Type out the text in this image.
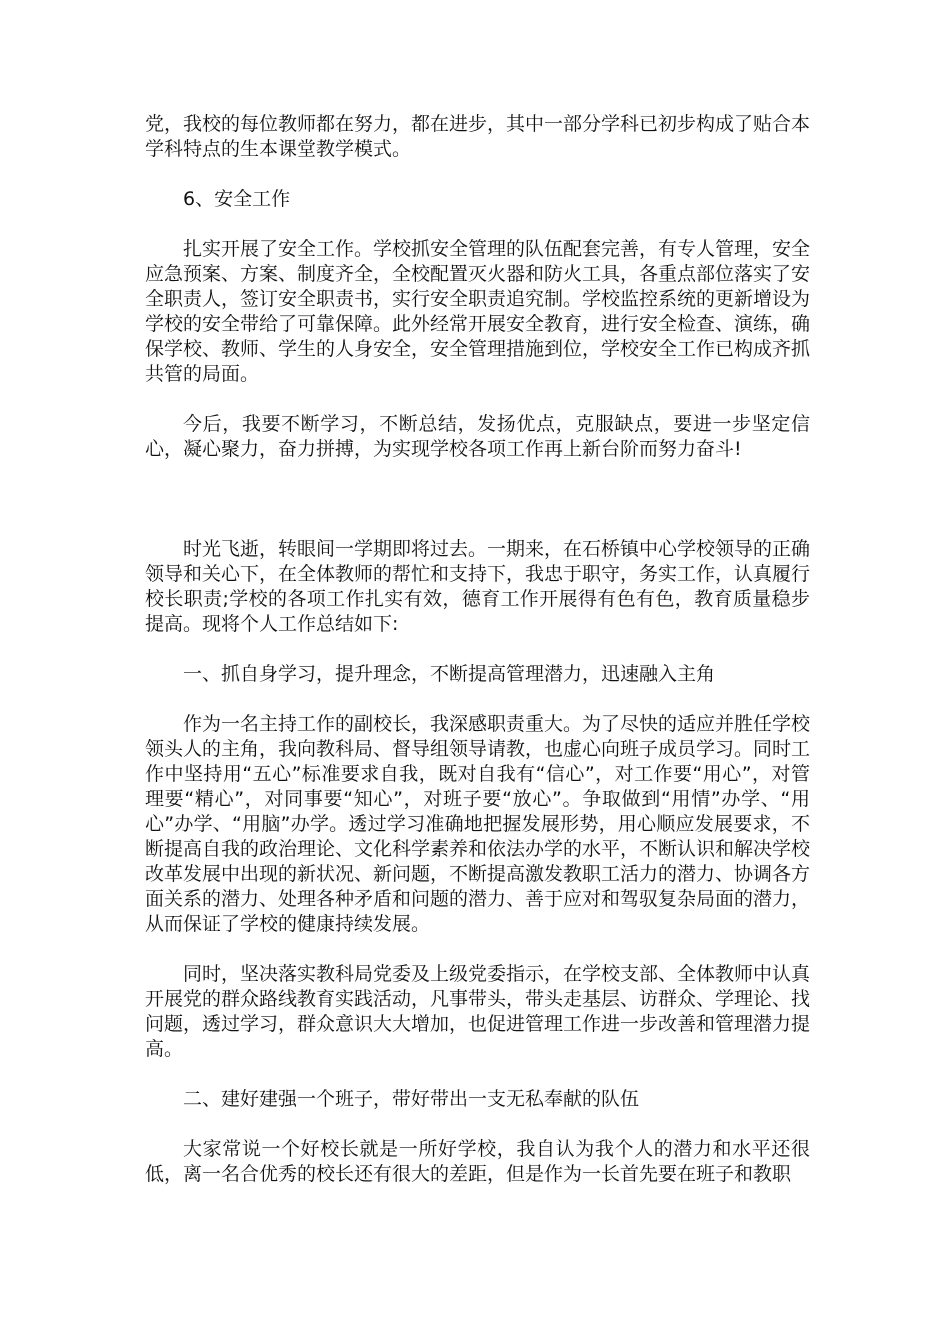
党，我校的每位教师都在努力，都在进步，其中一部分学科已初步构成了贴合本学科特点的生本课堂教学模式。

6、安全工作

扎实开展了安全工作。学校抓安全管理的队伍配套完善，有专人管理，安全应急预案、方案、制度齐全，全校配置灭火器和防火工具，各重点部位落实了安全职责人，签订安全职责书，实行安全职责追究制。学校监控系统的更新增设为学校的安全带给了可靠保障。此外经常开展安全教育，进行安全检查、演练，确保学校、教师、学生的人身安全，安全管理措施到位，学校安全工作已构成齐抓共管的局面。

今后，我要不断学习，不断总结，发扬优点，克服缺点，要进一步坚定信心，凝心聚力，奋力拼搏，为实现学校各项工作再上新台阶而努力奋斗!

时光飞逝，转眼间一学期即将过去。一期来，在石桥镇中心学校领导的正确领导和关心下，在全体教师的帮忙和支持下，我忠于职守，务实工作，认真履行校长职责;学校的各项工作扎实有效，德育工作开展得有色有色，教育质量稳步提高。现将个人工作总结如下:

一、抓自身学习，提升理念，不断提高管理潜力，迅速融入主角

作为一名主持工作的副校长，我深感职责重大。为了尽快的适应并胜任学校领头人的主角，我向教科局、督导组领导请教，也虚心向班子成员学习。同时工作中坚持用“五心”标准要求自我，既对自我有“信心”，对工作要“用心”，对管理要“精心”，对同事要“知心”，对班子要“放心”。争取做到“用情”办学、“用心”办学、“用脑”办学。透过学习准确地把握发展形势，用心顺应发展要求，不断提高自我的政治理论、文化科学素养和依法办学的水平，不断认识和解决学校改革发展中出现的新状况、新问题，不断提高激发教职工活力的潜力、协调各方面关系的潜力、处理各种矛盾和问题的潜力、善于应对和驾驭复杂局面的潜力，从而保证了学校的健康持续发展。

同时，坚决落实教科局党委及上级党委指示，在学校支部、全体教师中认真开展党的群众路线教育实践活动，凡事带头，带头走基层、访群众、学理论、找问题，透过学习，群众意识大大增加，也促进管理工作进一步改善和管理潜力提高。

二、建好建强一个班子，带好带出一支无私奉献的队伍

大家常说一个好校长就是一所好学校，我自认为我个人的潜力和水平还很低，离一名合优秀的校长还有很大的差距，但是作为一长首先要在班子和教职
